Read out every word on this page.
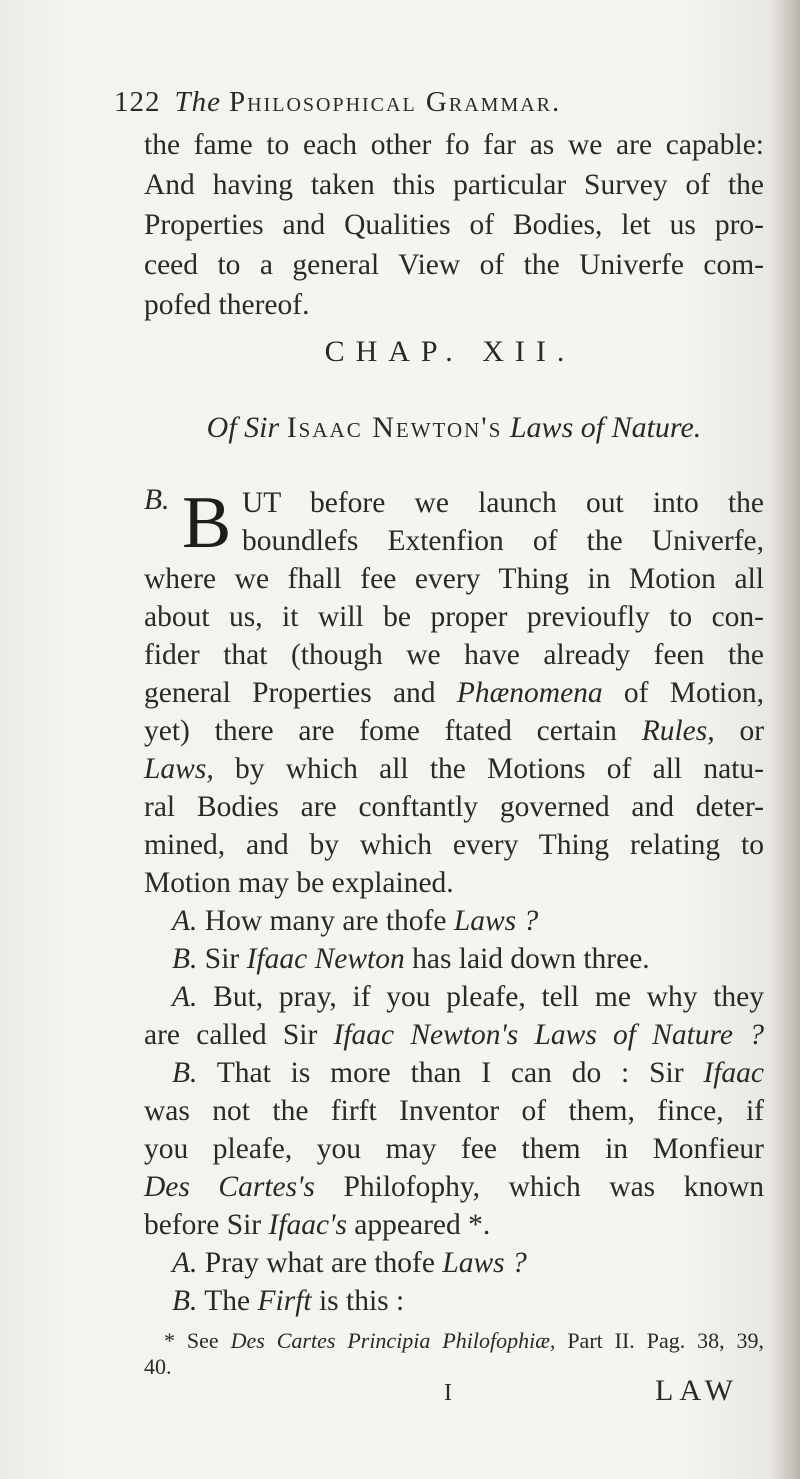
122 The Philosophical Grammar.
the fame to each other fo far as we are capable:
And having taken this particular Survey of the
Properties and Qualities of Bodies, let us pro-
ceed to a general View of the Univerfe com-
pofed thereof.
CHAP. XII.
Of Sir Isaac Newton's Laws of Nature.
B. B UT before we launch out into the
boundlefs Extenfion of the Univerfe,
where we fhall fee every Thing in Motion all
about us, it will be proper previoufly to con-
fider that (though we have already feen the
general Properties and Phænomena of Motion,
yet) there are fome ftated certain Rules, or
Laws, by which all the Motions of all natu-
ral Bodies are conftantly governed and deter-
mined, and by which every Thing relating to
Motion may be explained.
A. How many are thofe Laws ?
B. Sir Ifaac Newton has laid down three.
A. But, pray, if you pleafe, tell me why they
are called Sir Ifaac Newton's Laws of Nature ?
B. That is more than I can do : Sir Ifaac
was not the firft Inventor of them, fince, if
you pleafe, you may fee them in Monfieur
Des Cartes's Philofophy, which was known
before Sir Ifaac's appeared *.
A. Pray what are thofe Laws ?
B. The Firft is this :
* See Des Cartes Principia Philofophiæ, Part II. Pag. 38, 39,
40.
I	LAW
